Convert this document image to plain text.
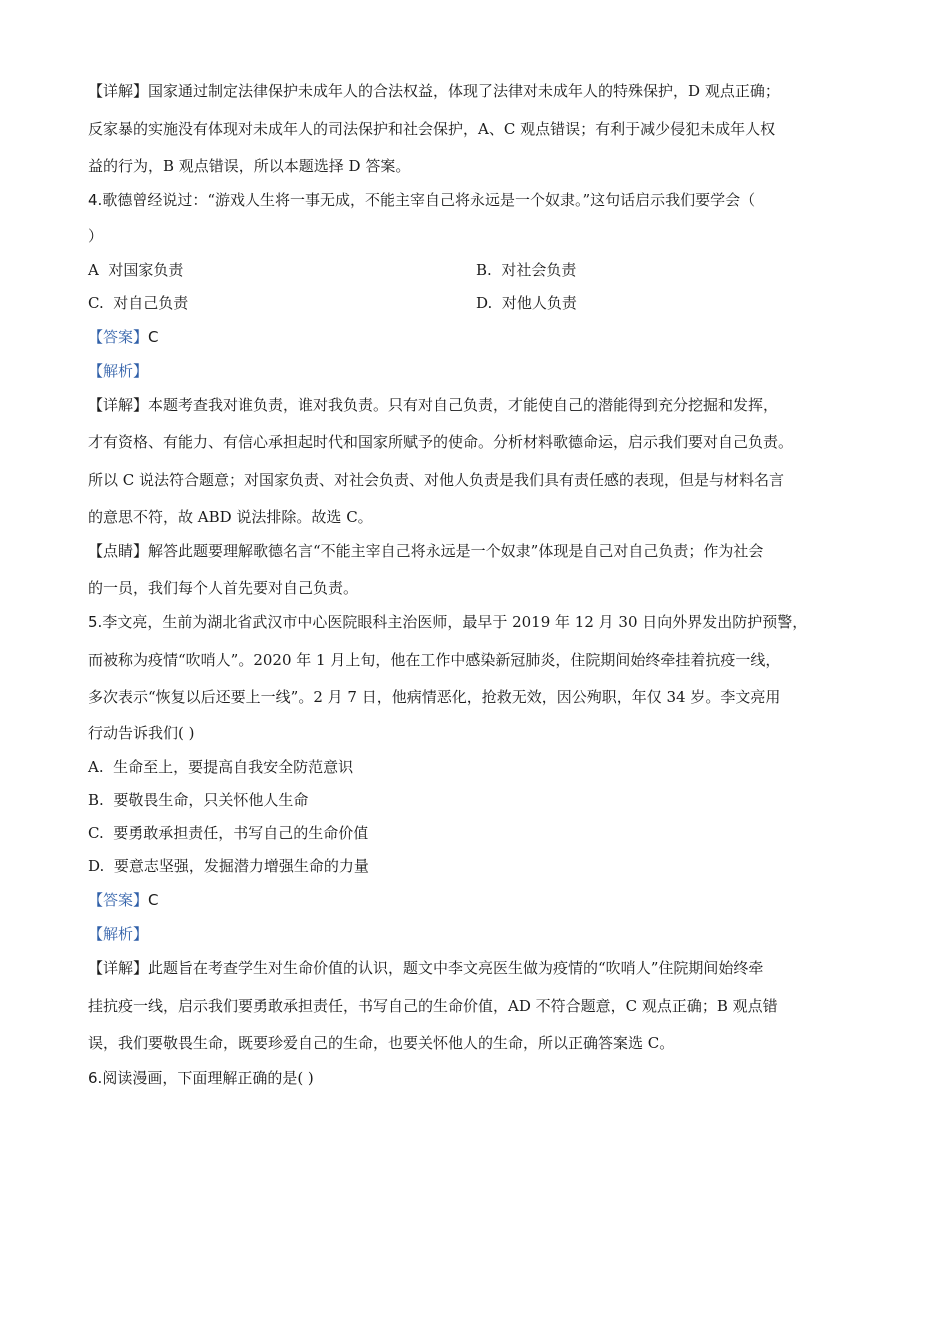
【详解】国家通过制定法律保护未成年人的合法权益，体现了法律对未成年人的特殊保护，D 观点正确；
反家暴的实施没有体现对未成年人的司法保护和社会保护，A、C 观点错误；有利于减少侵犯未成年人权
益的行为，B 观点错误，所以本题选择 D 答案。
4.歌德曾经说过：“游戏人生将一事无成，不能主宰自己将永远是一个奴隶。”这句话启示我们要学会（
）
A 对国家负责	B. 对社会负责
C. 对自己负责	D. 对他人负责
【答案】C
【解析】
【详解】本题考查我对谁负责，谁对我负责。只有对自己负责，才能使自己的潜能得到充分挖掘和发挥，
才有资格、有能力、有信心承担起时代和国家所赋予的使命。分析材料歌德命运，启示我们要对自己负责。
所以 C 说法符合题意；对国家负责、对社会负责、对他人负责是我们具有责任感的表现，但是与材料名言
的意思不符，故 ABD 说法排除。故选 C。
【点睛】解答此题要理解歌德名言“不能主宰自己将永远是一个奴隶”体现是自己对自己负责；作为社会
的一员，我们每个人首先要对自己负责。
5.李文亮，生前为湖北省武汉市中心医院眼科主治医师，最早于 2019 年 12 月 30 日向外界发出防护预警，
而被称为疫情“吹哨人”。2020 年 1 月上旬，他在工作中感染新冠肺炎，住院期间始终牵挂着抗疫一线，
多次表示“恢复以后还要上一线”。2 月 7 日，他病情恶化，抢救无效，因公殉职，年仅 34 岁。李文亮用
行动告诉我们( )
A. 生命至上，要提高自我安全防范意识
B. 要敬畏生命，只关怀他人生命
C. 要勇敢承担责任，书写自己的生命价值
D. 要意志坚强，发掘潜力增强生命的力量
【答案】C
【解析】
【详解】此题旨在考查学生对生命价值的认识，题文中李文亮医生做为疫情的“吹哨人”住院期间始终牵
挂抗疫一线，启示我们要勇敢承担责任，书写自己的生命价值，AD 不符合题意，C 观点正确；B 观点错
误，我们要敬畏生命，既要珍爱自己的生命，也要关怀他人的生命，所以正确答案选 C。
6.阅读漫画，下面理解正确的是( )
